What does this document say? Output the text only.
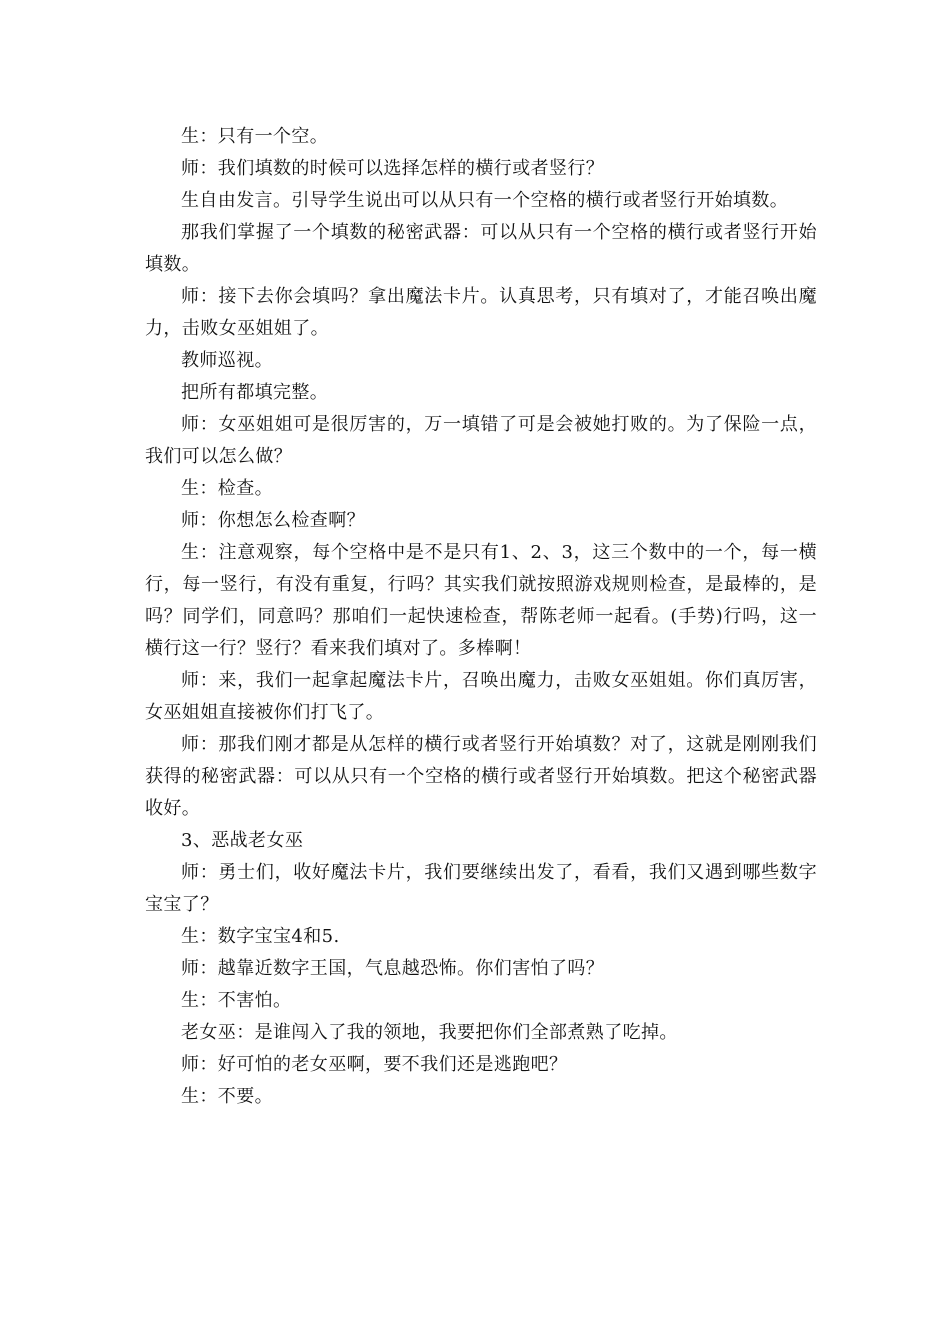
生：只有一个空。

师：我们填数的时候可以选择怎样的横行或者竖行？

生自由发言。引导学生说出可以从只有一个空格的横行或者竖行开始填数。

那我们掌握了一个填数的秘密武器：可以从只有一个空格的横行或者竖行开始填数。

师：接下去你会填吗？拿出魔法卡片。认真思考，只有填对了，才能召唤出魔力，击败女巫姐姐了。

教师巡视。

把所有都填完整。

师：女巫姐姐可是很厉害的，万一填错了可是会被她打败的。为了保险一点，我们可以怎么做？

生：检查。

师：你想怎么检查啊？

生：注意观察，每个空格中是不是只有1、2、3，这三个数中的一个，每一横行，每一竖行，有没有重复，行吗？其实我们就按照游戏规则检查，是最棒的，是吗？同学们，同意吗？那咱们一起快速检查，帮陈老师一起看。(手势)行吗，这一横行这一行？竖行？看来我们填对了。多棒啊！

师：来，我们一起拿起魔法卡片，召唤出魔力，击败女巫姐姐。你们真厉害，女巫姐姐直接被你们打飞了。

师：那我们刚才都是从怎样的横行或者竖行开始填数？对了，这就是刚刚我们获得的秘密武器：可以从只有一个空格的横行或者竖行开始填数。把这个秘密武器收好。

3、恶战老女巫

师：勇士们，收好魔法卡片，我们要继续出发了，看看，我们又遇到哪些数字宝宝了？

生：数字宝宝4和5.

师：越靠近数字王国，气息越恐怖。你们害怕了吗？

生：不害怕。

老女巫：是谁闯入了我的领地，我要把你们全部煮熟了吃掉。

师：好可怕的老女巫啊，要不我们还是逃跑吧？

生：不要。
